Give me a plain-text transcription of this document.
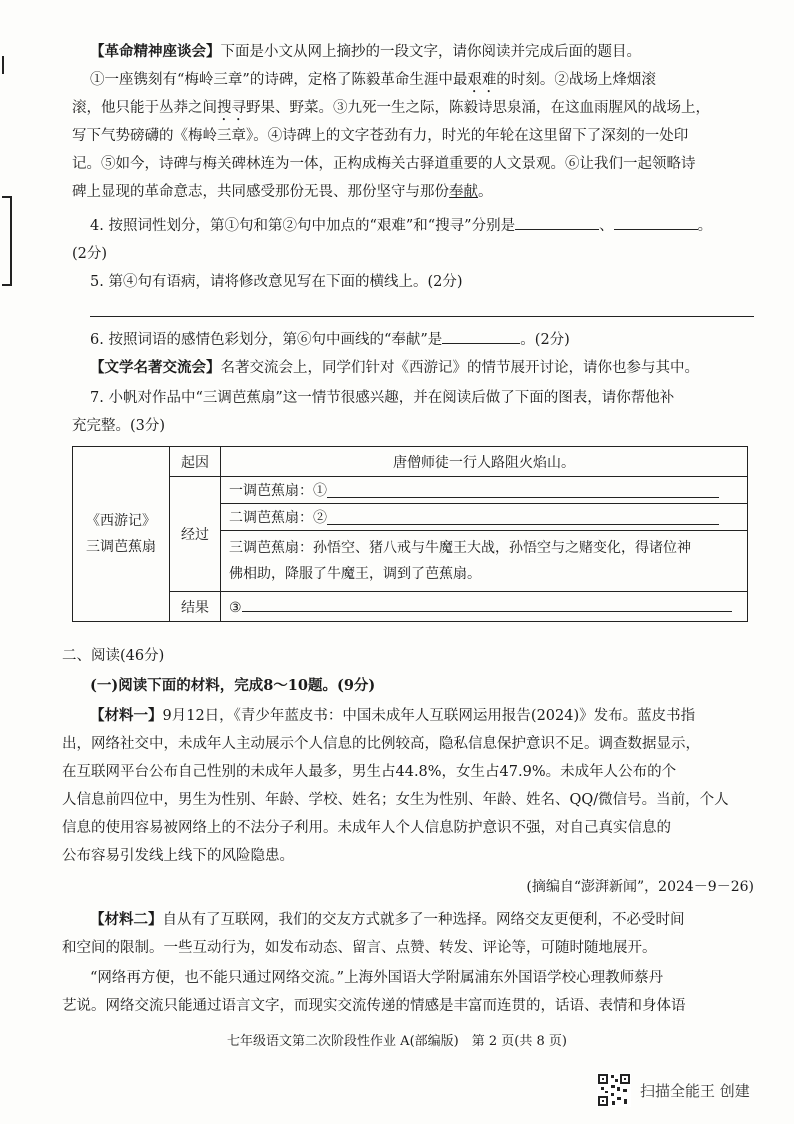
【革命精神座谈会】下面是小文从网上摘抄的一段文字，请你阅读并完成后面的题目。
①一座镌刻有“梅岭三章”的诗碑，定格了陈毅革命生涯中最艰难的时刻。②战场上烽烟滚
滚，他只能于丛莽之间搜寻野果、野菜。③九死一生之际，陈毅诗思泉涌，在这血雨腥风的战场上，
写下气势磅礴的《梅岭三章》。④诗碑上的文字苍劲有力，时光的年轮在这里留下了深刻的一处印
记。⑤如今，诗碑与梅关碑林连为一体，正构成梅关古驿道重要的人文景观。⑥让我们一起领略诗
碑上显现的革命意志，共同感受那份无畏、那份坚守与那份奉献。
4. 按照词性划分，第①句和第②句中加点的“艰难”和“搜寻”分别是	、	。
(2分)
5. 第④句有语病，请将修改意见写在下面的横线上。(2分)
6. 按照词语的感情色彩划分，第⑥句中画线的“奉献”是	。(2分)
【文学名著交流会】名著交流会上，同学们针对《西游记》的情节展开讨论，请你也参与其中。
7. 小帆对作品中“三调芭蕉扇”这一情节很感兴趣，并在阅读后做了下面的图表，请你帮他补
充完整。(3分)
《西游记》
三调芭蕉扇	起因	唐僧师徒一行人路阻火焰山。
	经过	一调芭蕉扇：①
二调芭蕉扇：②
三调芭蕉扇：孙悟空、猪八戒与牛魔王大战，孙悟空与之赌变化，得诸位神
佛相助，降服了牛魔王，调到了芭蕉扇。

	结果	③
二、阅读(46分)
(一)阅读下面的材料，完成8～10题。(9分)
【材料一】9月12日，《青少年蓝皮书：中国未成年人互联网运用报告(2024)》发布。蓝皮书指
出，网络社交中，未成年人主动展示个人信息的比例较高，隐私信息保护意识不足。调查数据显示，
在互联网平台公布自己性别的未成年人最多，男生占44.8%，女生占47.9%。未成年人公布的个
人信息前四位中，男生为性别、年龄、学校、姓名；女生为性别、年龄、姓名、QQ/微信号。当前，个人
信息的使用容易被网络上的不法分子利用。未成年人个人信息防护意识不强，对自己真实信息的
公布容易引发线上线下的风险隐患。
(摘编自“澎湃新闻”，2024－9－26)
【材料二】自从有了互联网，我们的交友方式就多了一种选择。网络交友更便利，不必受时间
和空间的限制。一些互动行为，如发布动态、留言、点赞、转发、评论等，可随时随地展开。
“网络再方便，也不能只通过网络交流。”上海外国语大学附属浦东外国语学校心理教师蔡丹
艺说。网络交流只能通过语言文字，而现实交流传递的情感是丰富而连贯的，话语、表情和身体语
七年级语文第二次阶段性作业 A(部编版)　第 2 页(共 8 页)
扫描全能王 创建
